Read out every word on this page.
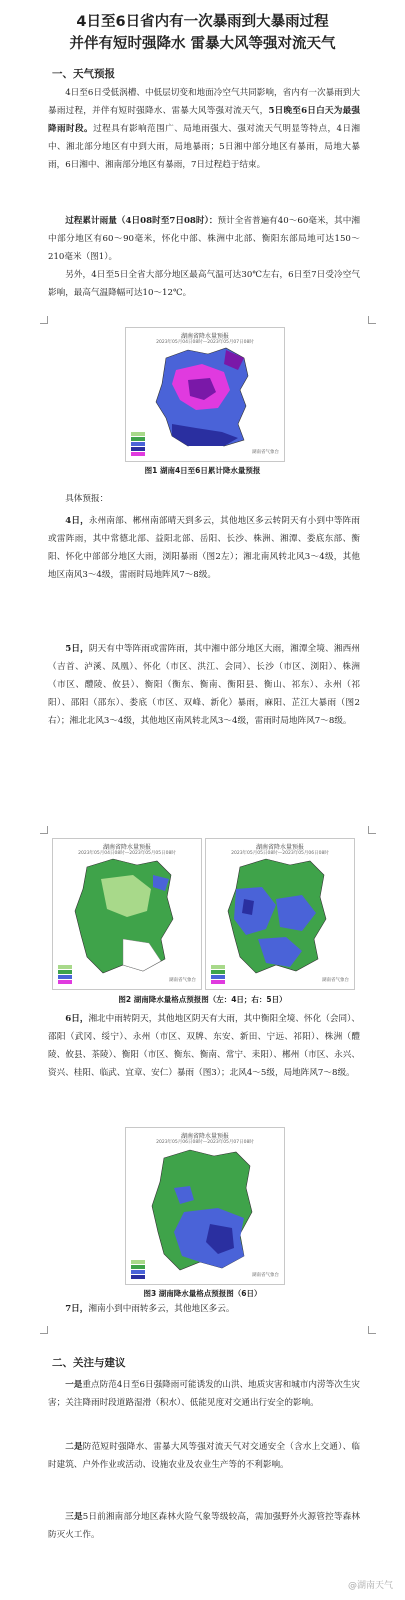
4日至6日省内有一次暴雨到大暴雨过程
并伴有短时强降水 雷暴大风等强对流天气
一、天气预报
4日至6日受低涡槽、中低层切变和地面冷空气共同影响，省内有一次暴雨到大暴雨过程，并伴有短时强降水、雷暴大风等强对流天气，5日晚至6日白天为最强降雨时段。过程具有影响范围广、局地雨强大、强对流天气明显等特点，4日湘中、湘北部分地区有中到大雨，局地暴雨；5日湘中部分地区有暴雨，局地大暴雨，6日湘中、湘南部分地区有暴雨，7日过程趋于结束。
过程累计雨量（4日08时至7日08时）：预计全省普遍有40～60毫米，其中湘中部分地区有60～90毫米，怀化中部、株洲中北部、衡阳东部局地可达150～210毫米（图1）。
另外，4日至5日全省大部分地区最高气温可达30℃左右，6日至7日受冷空气影响，最高气温降幅可达10～12℃。
湖南省降水量预报
2023年05月04日08时—2023年05月07日08时
湖南省气象台
图1 湖南4日至6日累计降水量预报
具体预报：
4日，永州南部、郴州南部晴天到多云，其他地区多云转阴天有小到中等阵雨或雷阵雨，其中常德北部、益阳北部、岳阳、长沙、株洲、湘潭、娄底东部、衡阳、怀化中部部分地区大雨，浏阳暴雨（图2左）；湘北南风转北风3～4级，其他地区南风3～4级，雷雨时局地阵风7～8级。
5日，阴天有中等阵雨或雷阵雨，其中湘中部分地区大雨，湘潭全境、湘西州（吉首、泸溪、凤凰）、怀化（市区、洪江、会同）、长沙（市区、浏阳）、株洲（市区、醴陵、攸县）、衡阳（衡东、衡南、衡阳县、衡山、祁东）、永州（祁阳）、邵阳（邵东）、娄底（市区、双峰、新化）暴雨，麻阳、芷江大暴雨（图2右）；湘北北风3～4级，其他地区南风转北风3～4级，雷雨时局地阵风7～8级。
湖南省降水量预报
2023年05月04日08时—2023年05月05日08时
湖南省气象台
湖南省降水量预报
2023年05月05日08时—2023年05月06日08时
湖南省气象台
图2 湖南降水量格点预报图（左：4日；右：5日）
6日，湘北中雨转阴天，其他地区阴天有大雨，其中衡阳全境、怀化（会同）、邵阳（武冈、绥宁）、永州（市区、双牌、东安、新田、宁远、祁阳）、株洲（醴陵、攸县、茶陵）、衡阳（市区、衡东、衡南、常宁、耒阳）、郴州（市区、永兴、资兴、桂阳、临武、宜章、安仁）暴雨（图3）；北风4～5级，局地阵风7～8级。
湖南省降水量预报
2023年05月06日08时—2023年05月07日08时
湖南省气象台
图3 湖南降水量格点预报图（6日）
7日，湘南小到中雨转多云，其他地区多云。
二、关注与建议
一是重点防范4日至6日强降雨可能诱发的山洪、地质灾害和城市内涝等次生灾害；关注降雨时段道路湿滑（积水）、低能见度对交通出行安全的影响。
二是防范短时强降水、雷暴大风等强对流天气对交通安全（含水上交通）、临时建筑、户外作业或活动、设施农业及农业生产等的不利影响。
三是5日前湘南部分地区森林火险气象等级较高，需加强野外火源管控等森林防灭火工作。
@湖南天气
